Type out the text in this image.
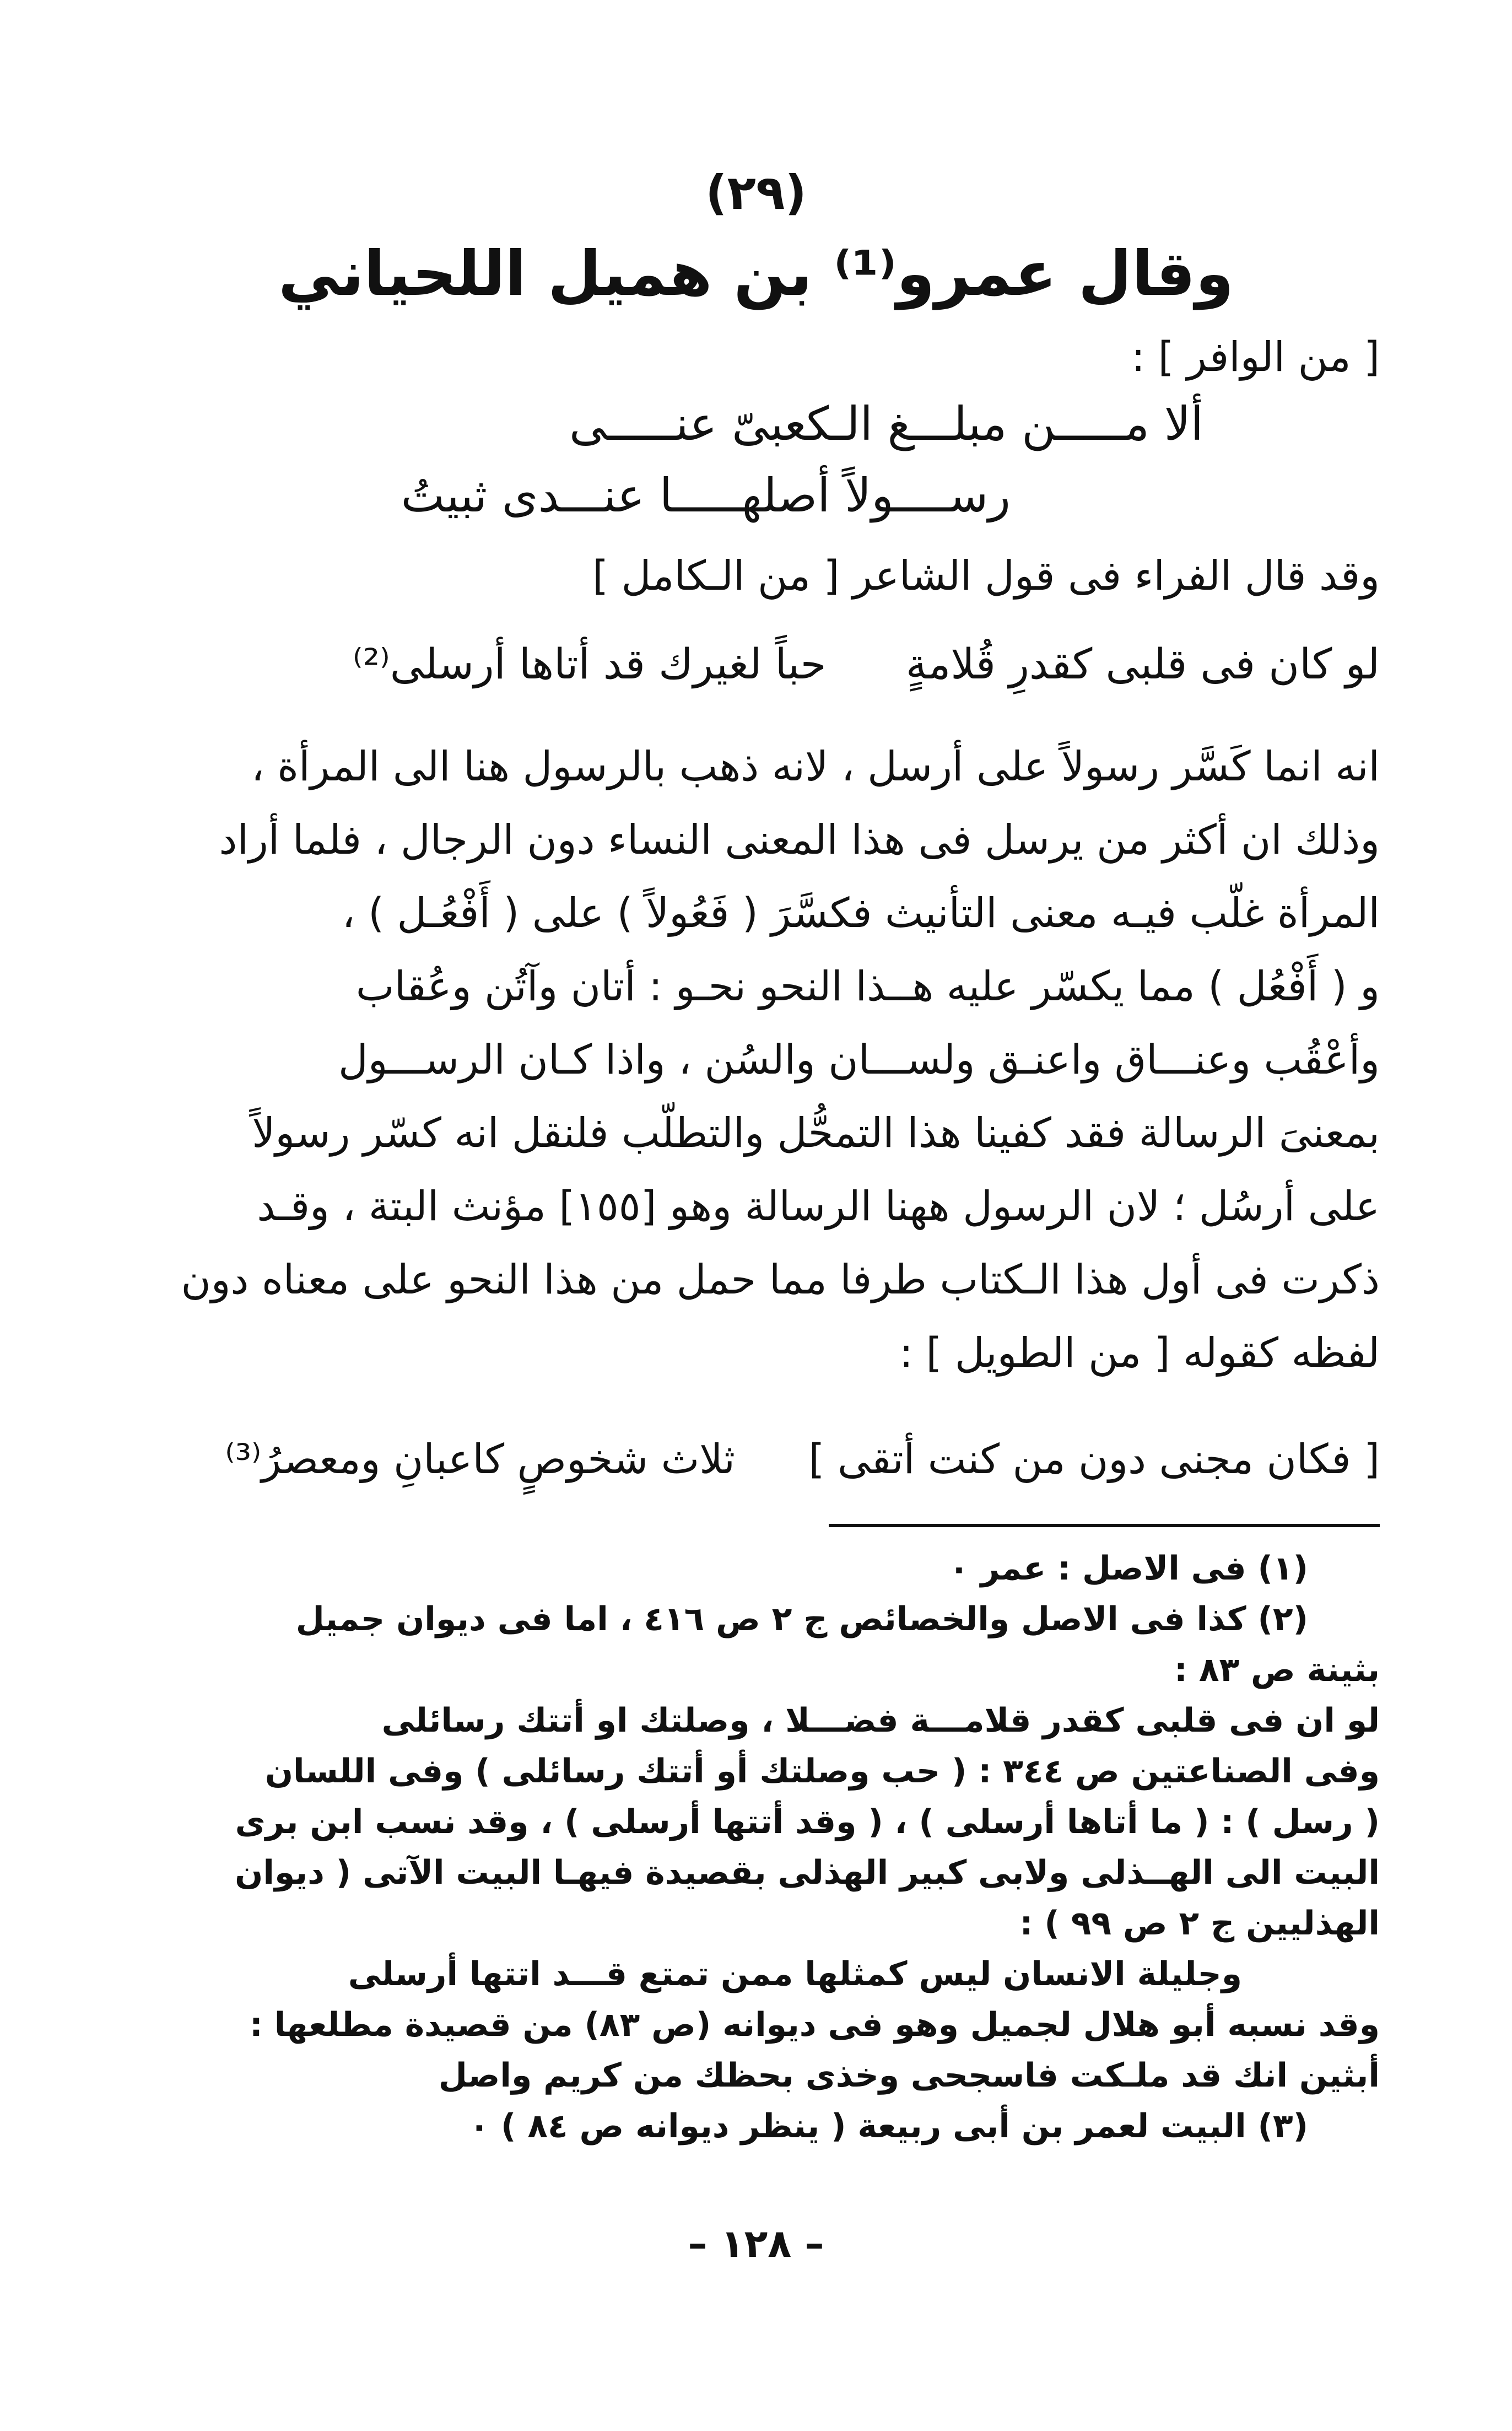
(٢٩)
وقال عمرو⁽¹⁾ بن هميل اللحياني
[ من الوافر ] :
ألا مـــــن مبلـــغ الـكعبىّ عنـــــى
رســــولاً أصلهـــــا عنـــدى ثبيتُ
وقد قال الفراء فى قول الشاعر [ من الـكامل ]
لو كان فى قلبى كقدرِ قُلامةٍ حباً لغيرك قد أتاها أرسلى⁽²⁾
انه انما كَسَّر رسولاً على أرسل ، لانه ذهب بالرسول هنا الى المرأة ،
وذلك ان أكثر من يرسل فى هذا المعنى النساء دون الرجال ، فلما أراد
المرأة غلّب فيـه معنى التأنيث فكسَّرَ ( فَعُولاً ) على ( أَفْعُـل ) ،
و ( أَفْعُل ) مما يكسّر عليه هــذا النحو نحـو : أتان وآتُن وعُقاب
وأعْقُب وعنـــاق واعنـق ولســـان والسُن ، واذا كـان الرســـول
بمعنىَ الرسالة فقد كفينا هذا التمحُّل والتطلّب فلنقل انه كسّر رسولاً
على أرسُل ؛ لان الرسول ههنا الرسالة وهو [١٥٥] مؤنث البتة ، وقـد
ذكرت فى أول هذا الـكتاب طرفا مما حمل من هذا النحو على معناه دون
لفظه كقوله [ من الطويل ] :
[ فكان مجنى دون من كنت أتقى ] ثلاث شخوصٍ كاعبانِ ومعصرُ⁽³⁾
(١) فى الاصل : عمر ٠
(٢) كذا فى الاصل والخصائص ج ٢ ص ٤١٦ ، اما فى ديوان جميل
بثينة ص ٨٣ :
لو ان فى قلبى كقدر قلامـــة فضـــلا ، وصلتك او أتتك رسائلى
وفى الصناعتين ص ٣٤٤ : ( حب وصلتك أو أتتك رسائلى ) وفى اللسان
( رسل ) : ( ما أتاها أرسلى ) ، ( وقد أتتها أرسلى ) ، وقد نسب ابن برى
البيت الى الهــذلى ولابى كبير الهذلى بقصيدة فيهـا البيت الآتى ( ديوان
الهذليين ج ٢ ص ٩٩ ) :
وجليلة الانسان ليس كمثلها ممن تمتع قـــد اتتها أرسلى
وقد نسبه أبو هلال لجميل وهو فى ديوانه (ص ٨٣) من قصيدة مطلعها :
أبثين انك قد ملـكت فاسجحى وخذى بحظك من كريم واصل
(٣) البيت لعمر بن أبى ربيعة ( ينظر ديوانه ص ٨٤ ) ٠
– ١٢٨ –
